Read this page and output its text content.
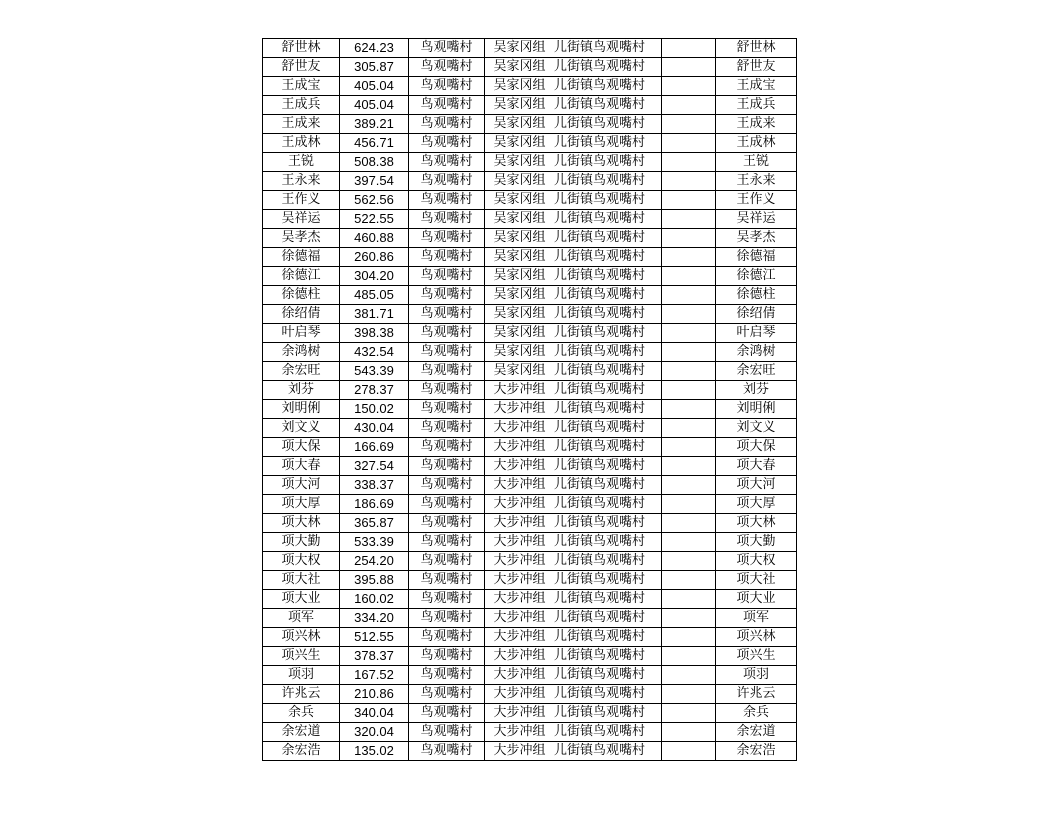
舒世林	624.23	鸟观嘴村	吴家冈组	儿街镇鸟观嘴村		舒世林
舒世友	305.87	鸟观嘴村	吴家冈组	儿街镇鸟观嘴村		舒世友
王成宝	405.04	鸟观嘴村	吴家冈组	儿街镇鸟观嘴村		王成宝
王成兵	405.04	鸟观嘴村	吴家冈组	儿街镇鸟观嘴村		王成兵
王成来	389.21	鸟观嘴村	吴家冈组	儿街镇鸟观嘴村		王成来
王成林	456.71	鸟观嘴村	吴家冈组	儿街镇鸟观嘴村		王成林
王锐	508.38	鸟观嘴村	吴家冈组	儿街镇鸟观嘴村		王锐
王永来	397.54	鸟观嘴村	吴家冈组	儿街镇鸟观嘴村		王永来
王作义	562.56	鸟观嘴村	吴家冈组	儿街镇鸟观嘴村		王作义
吴祥运	522.55	鸟观嘴村	吴家冈组	儿街镇鸟观嘴村		吴祥运
吴孝杰	460.88	鸟观嘴村	吴家冈组	儿街镇鸟观嘴村		吴孝杰
徐德福	260.86	鸟观嘴村	吴家冈组	儿街镇鸟观嘴村		徐德福
徐德江	304.20	鸟观嘴村	吴家冈组	儿街镇鸟观嘴村		徐德江
徐德柱	485.05	鸟观嘴村	吴家冈组	儿街镇鸟观嘴村		徐德柱
徐绍倩	381.71	鸟观嘴村	吴家冈组	儿街镇鸟观嘴村		徐绍倩
叶启琴	398.38	鸟观嘴村	吴家冈组	儿街镇鸟观嘴村		叶启琴
余鸿树	432.54	鸟观嘴村	吴家冈组	儿街镇鸟观嘴村		余鸿树
余宏旺	543.39	鸟观嘴村	吴家冈组	儿街镇鸟观嘴村		余宏旺
刘芬	278.37	鸟观嘴村	大步冲组	儿街镇鸟观嘴村		刘芬
刘明俐	150.02	鸟观嘴村	大步冲组	儿街镇鸟观嘴村		刘明俐
刘文义	430.04	鸟观嘴村	大步冲组	儿街镇鸟观嘴村		刘文义
项大保	166.69	鸟观嘴村	大步冲组	儿街镇鸟观嘴村		项大保
项大春	327.54	鸟观嘴村	大步冲组	儿街镇鸟观嘴村		项大春
项大河	338.37	鸟观嘴村	大步冲组	儿街镇鸟观嘴村		项大河
项大厚	186.69	鸟观嘴村	大步冲组	儿街镇鸟观嘴村		项大厚
项大林	365.87	鸟观嘴村	大步冲组	儿街镇鸟观嘴村		项大林
项大勤	533.39	鸟观嘴村	大步冲组	儿街镇鸟观嘴村		项大勤
项大权	254.20	鸟观嘴村	大步冲组	儿街镇鸟观嘴村		项大权
项大社	395.88	鸟观嘴村	大步冲组	儿街镇鸟观嘴村		项大社
项大业	160.02	鸟观嘴村	大步冲组	儿街镇鸟观嘴村		项大业
项军	334.20	鸟观嘴村	大步冲组	儿街镇鸟观嘴村		项军
项兴林	512.55	鸟观嘴村	大步冲组	儿街镇鸟观嘴村		项兴林
项兴生	378.37	鸟观嘴村	大步冲组	儿街镇鸟观嘴村		项兴生
项羽	167.52	鸟观嘴村	大步冲组	儿街镇鸟观嘴村		项羽
许兆云	210.86	鸟观嘴村	大步冲组	儿街镇鸟观嘴村		许兆云
余兵	340.04	鸟观嘴村	大步冲组	儿街镇鸟观嘴村		余兵
余宏道	320.04	鸟观嘴村	大步冲组	儿街镇鸟观嘴村		余宏道
余宏浩	135.02	鸟观嘴村	大步冲组	儿街镇鸟观嘴村		余宏浩
